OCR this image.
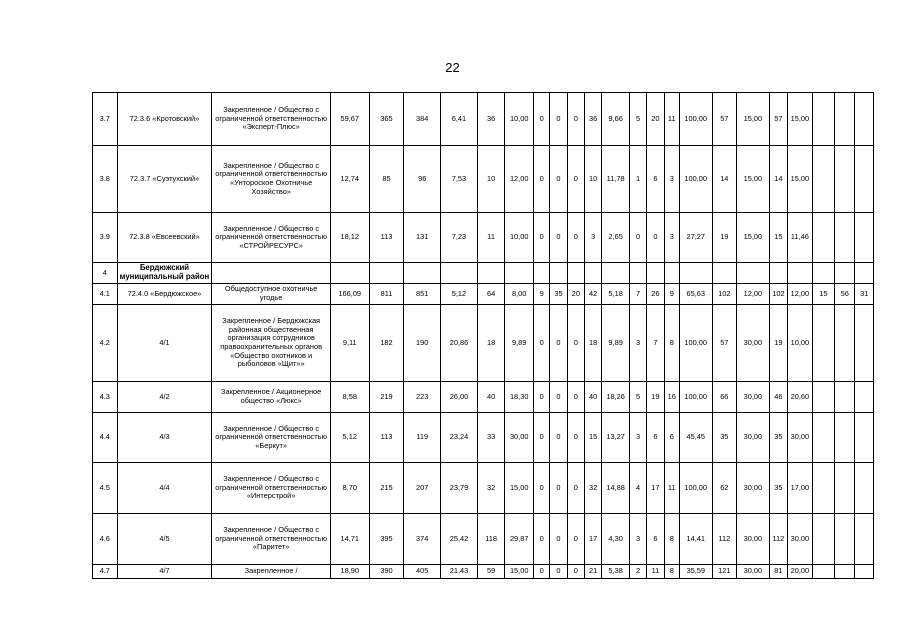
22
3.7	72.3.6 «Кротовский»	Закрепленное / Общество с ограниченной ответственностью «Эксперт-Плюс»	59,67	365	384	6,41	36	10,00	0	0	0	36	9,66	5	20	11	100,00	57	15,00	57	15,00			
3.8	72.3.7 «Суэтухский»	Закрепленное / Общество с ограниченной ответственностью «Унтороское Охотничье Хозяйство»	12,74	85	96	7,53	10	12,00	0	0	0	10	11,78	1	6	3	100,00	14	15,00	14	15,00			
3.9	72.3.8 «Евсеевский»	Закрепленное / Общество с ограниченной ответственностью «СТРОЙРЕСУРС»	18,12	113	131	7,23	11	10,00	0	0	0	3	2,65	0	0	3	27,27	19	15,00	15	11,46			
4	Бердюжский муниципальный район																							
4.1	72.4.0 «Бердюжское»	Общедоступное охотничье угодье	166,09	811	851	5,12	64	8,00	9	35	20	42	5,18	7	26	9	65,63	102	12,00	102	12,00	15	56	31
4.2	4/1	Закрепленное / Бердюжская районная общественная организация сотрудников правоохранительных органов «Общество охотников и рыболовов «Щит»»	9,11	182	190	20,86	18	9,89	0	0	0	18	9,89	3	7	8	100,00	57	30,00	19	10,00			
4.3	4/2	Закрепленное / Акционерное общество «Люкс»	8,58	219	223	26,00	40	18,30	0	0	0	40	18,26	5	19	16	100,00	66	30,00	46	20,60			
4.4	4/3	Закрепленное / Общество с ограниченной ответственностью «Беркут»	5,12	113	119	23,24	33	30,00	0	0	0	15	13,27	3	6	6	45,45	35	30,00	35	30,00			
4.5	4/4	Закрепленное / Общество с ограниченной ответственностью «Интерстрой»	8,70	215	207	23,79	32	15,00	0	0	0	32	14,88	4	17	11	100,00	62	30,00	35	17,00			
4.6	4/5	Закрепленное / Общество с ограниченной ответственностью «Паритет»	14,71	395	374	25,42	118	29,87	0	0	0	17	4,30	3	6	8	14,41	112	30,00	112	30,00			
4.7	4/7	Закрепленное /	18,90	390	405	21,43	59	15,00	0	0	0	21	5,38	2	11	8	35,59	121	30,00	81	20,00			
